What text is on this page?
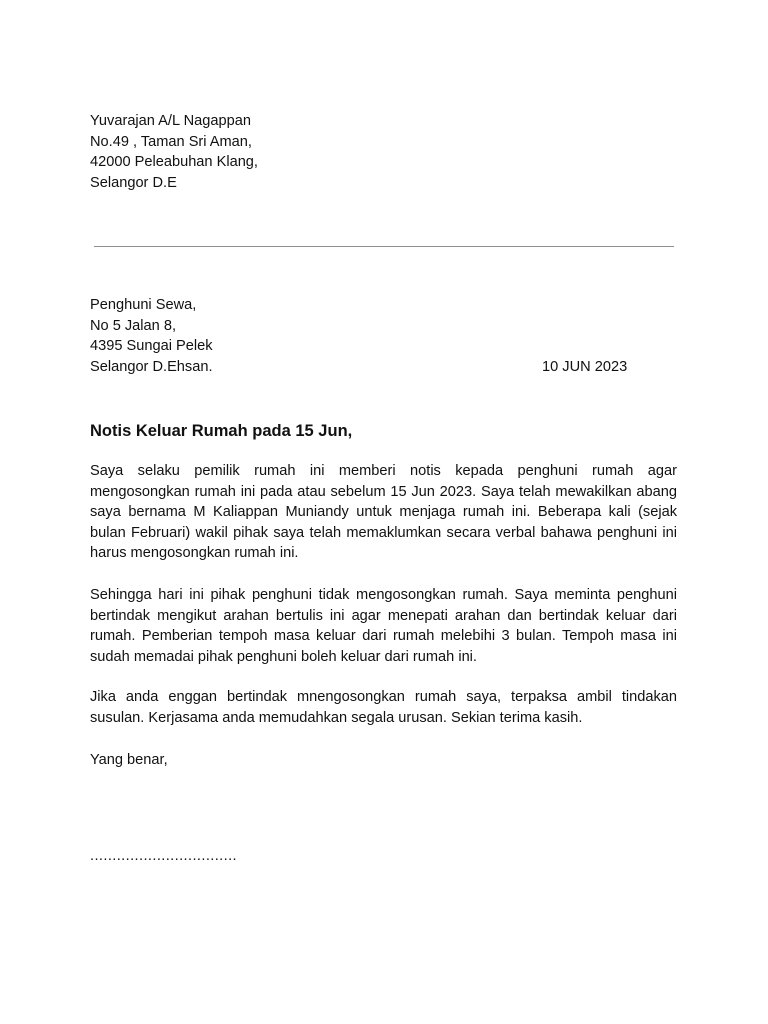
Yuvarajan A/L Nagappan
No.49 , Taman Sri Aman,
42000 Peleabuhan Klang,
Selangor D.E
Penghuni Sewa,
No 5 Jalan 8,
4395 Sungai Pelek
Selangor D.Ehsan.	10 JUN 2023
Notis Keluar Rumah pada 15 Jun,

Saya selaku pemilik rumah ini memberi notis kepada penghuni rumah agar mengosongkan rumah ini pada atau sebelum 15 Jun 2023. Saya telah mewakilkan abang saya bernama M Kaliappan Muniandy untuk menjaga rumah ini. Beberapa kali (sejak bulan Februari) wakil pihak saya telah memaklumkan secara verbal bahawa penghuni ini harus mengosongkan rumah ini.

Sehingga hari ini pihak penghuni tidak mengosongkan rumah. Saya meminta penghuni bertindak mengikut arahan bertulis ini agar menepati arahan dan bertindak keluar dari rumah. Pemberian tempoh masa keluar dari rumah melebihi 3 bulan. Tempoh masa ini sudah memadai pihak penghuni boleh keluar dari rumah ini.

Jika anda enggan bertindak mnengosongkan rumah saya, terpaksa ambil tindakan susulan. Kerjasama anda memudahkan segala urusan. Sekian terima kasih.

Yang benar,
.................................
